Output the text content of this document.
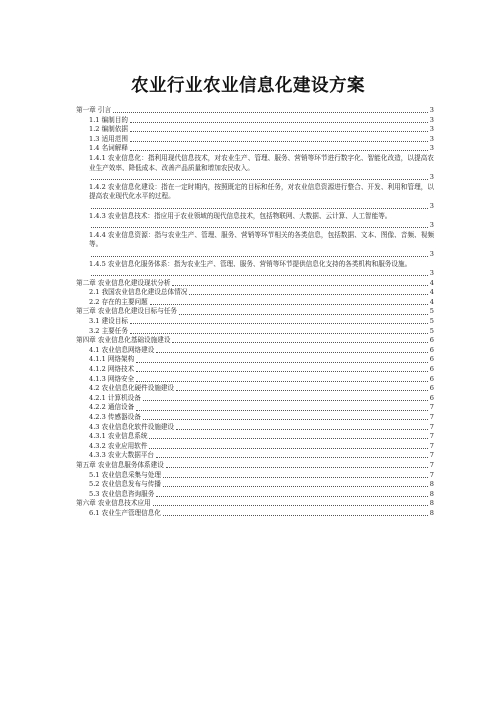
农业行业农业信息化建设方案
第一章 引言	3
1.1 编制目的	3
1.2 编制依据	3
1.3 适用范围	3
1.4 名词解释	3
1.4.1 农业信息化：指利用现代信息技术，对农业生产、管理、服务、营销等环节进行数字化、智能化改造，以提高农业生产效率、降低成本、改善产品质量和增加农民收入。
3
1.4.2 农业信息化建设：指在一定时期内，按照既定的目标和任务，对农业信息资源进行整合、开发、利用和管理，以提高农业现代化水平的过程。
3
1.4.3 农业信息技术：指应用于农业领域的现代信息技术，包括物联网、大数据、云计算、人工智能等。
3
1.4.4 农业信息资源：指与农业生产、管理、服务、营销等环节相关的各类信息，包括数据、文本、图像、音频、视频等。
3
1.4.5 农业信息化服务体系：指为农业生产、管理、服务、营销等环节提供信息化支持的各类机构和服务设施。
3
第二章 农业信息化建设现状分析	4
2.1 我国农业信息化建设总体情况	4
2.2 存在的主要问题	4
第三章 农业信息化建设目标与任务	5
3.1 建设目标	5
3.2 主要任务	5
第四章 农业信息化基础设施建设	6
4.1 农业信息网络建设	6
4.1.1 网络架构	6
4.1.2 网络技术	6
4.1.3 网络安全	6
4.2 农业信息化硬件设施建设	6
4.2.1 计算机设备	6
4.2.2 通信设备	7
4.2.3 传感器设备	7
4.3 农业信息化软件设施建设	7
4.3.1 农业信息系统	7
4.3.2 农业应用软件	7
4.3.3 农业大数据平台	7
第五章 农业信息服务体系建设	7
5.1 农业信息采集与处理	7
5.2 农业信息发布与传播	8
5.3 农业信息咨询服务	8
第六章 农业信息技术应用	8
6.1 农业生产管理信息化	8
